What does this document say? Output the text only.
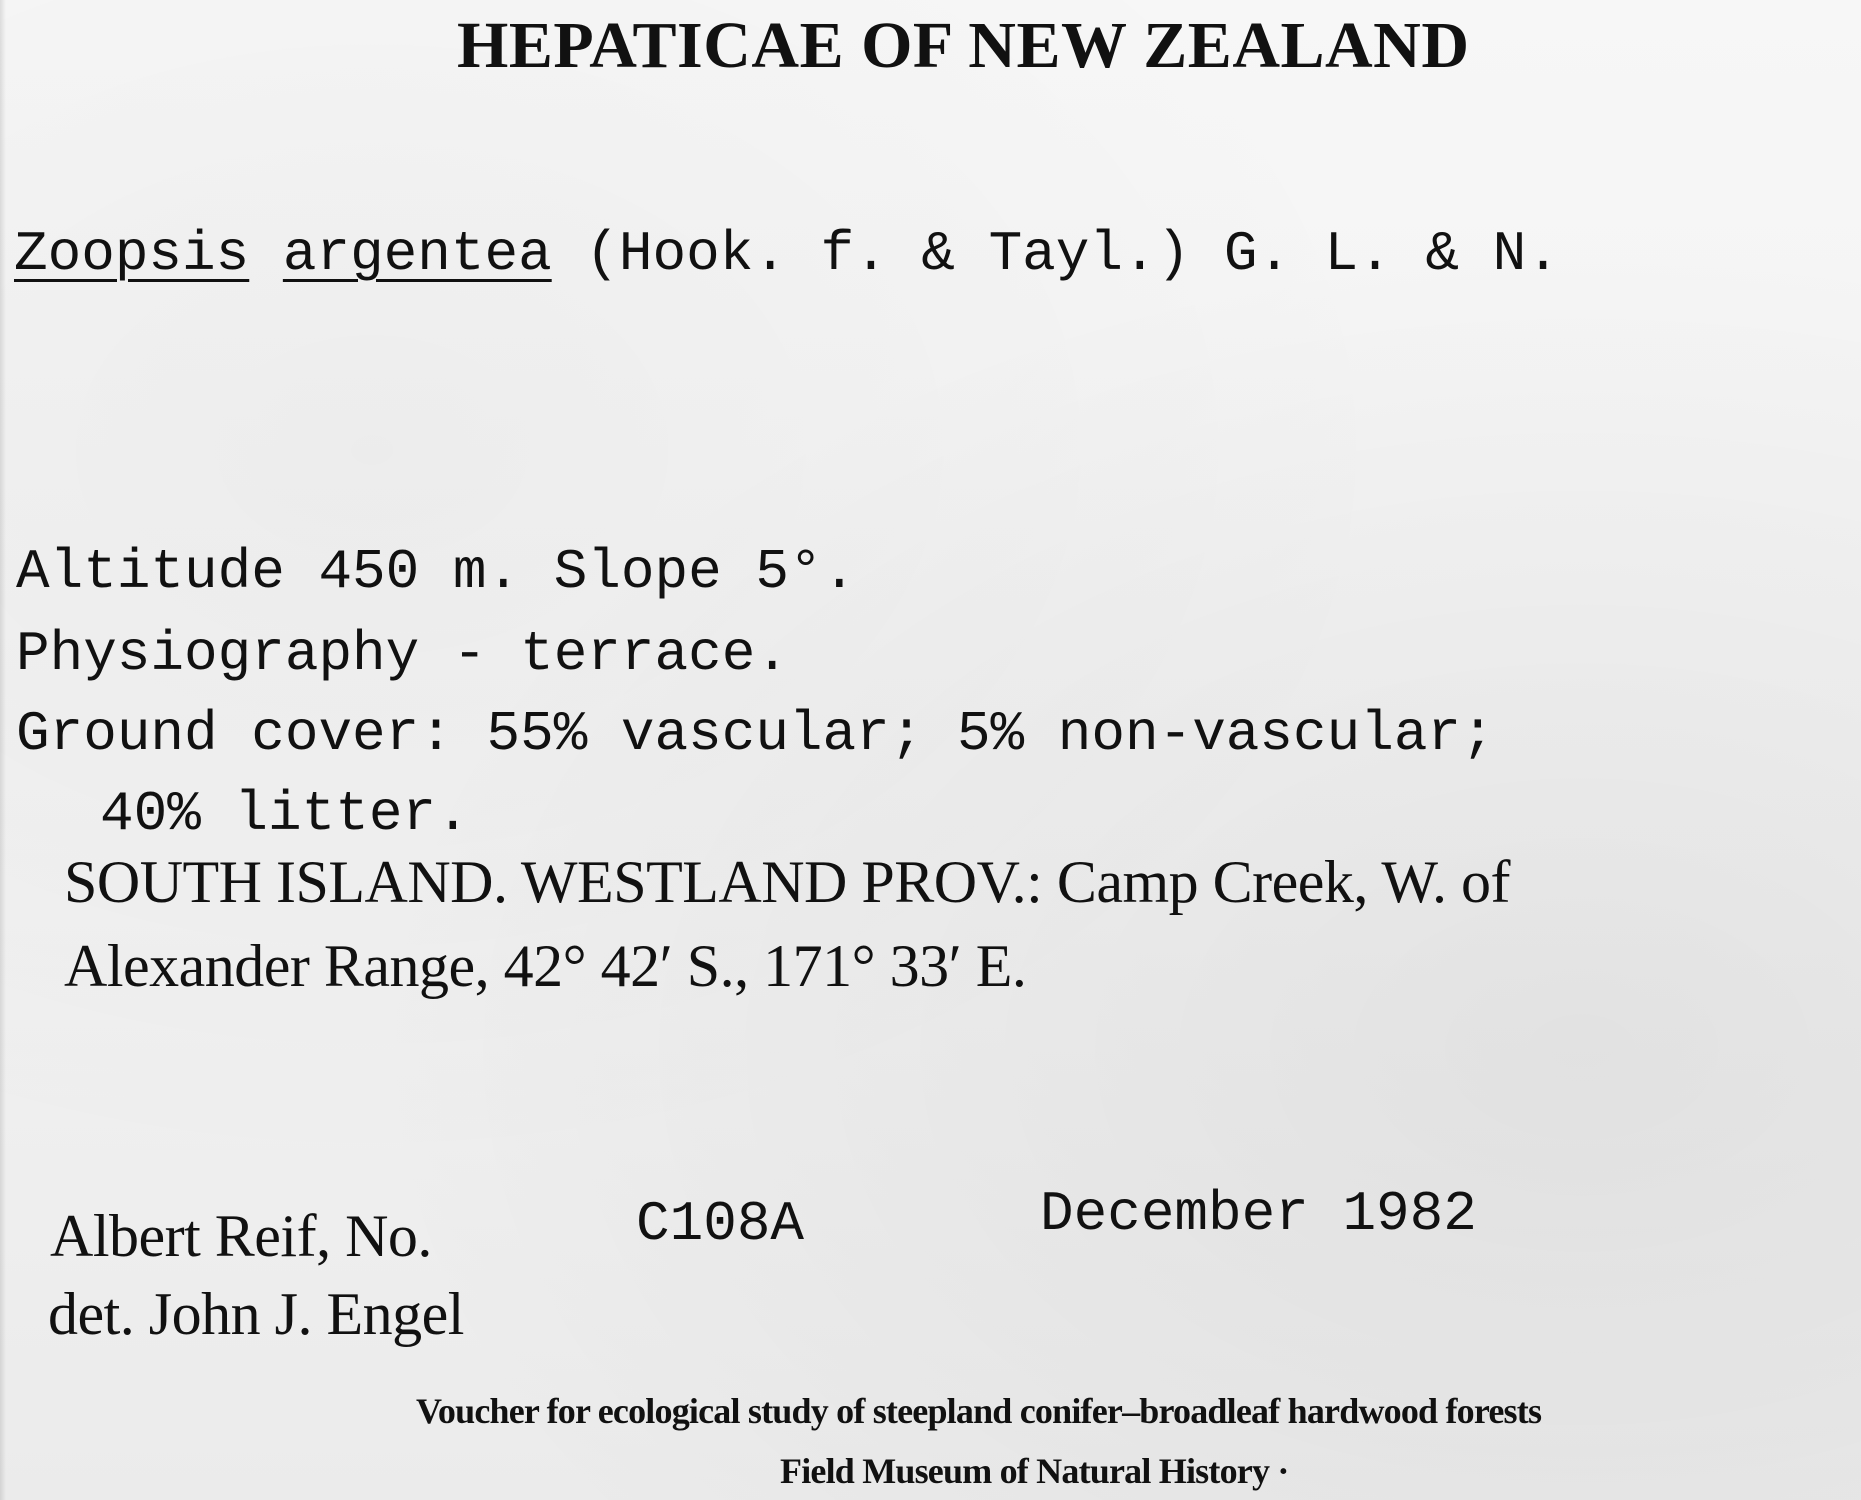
HEPATICAE OF NEW ZEALAND
Zoopsis argentea (Hook. f. & Tayl.) G. L. & N.
Altitude 450 m. Slope 5°.
Physiography - terrace.
Ground cover: 55% vascular; 5% non-vascular;
40% litter.
SOUTH ISLAND. WESTLAND PROV.: Camp Creek, W. of
Alexander Range, 42° 42′ S., 171° 33′ E.
Albert Reif, No.	C108A	December 1982
det. John J. Engel
Voucher for ecological study of steepland conifer–broadleaf hardwood forests
Field Museum of Natural History ·
